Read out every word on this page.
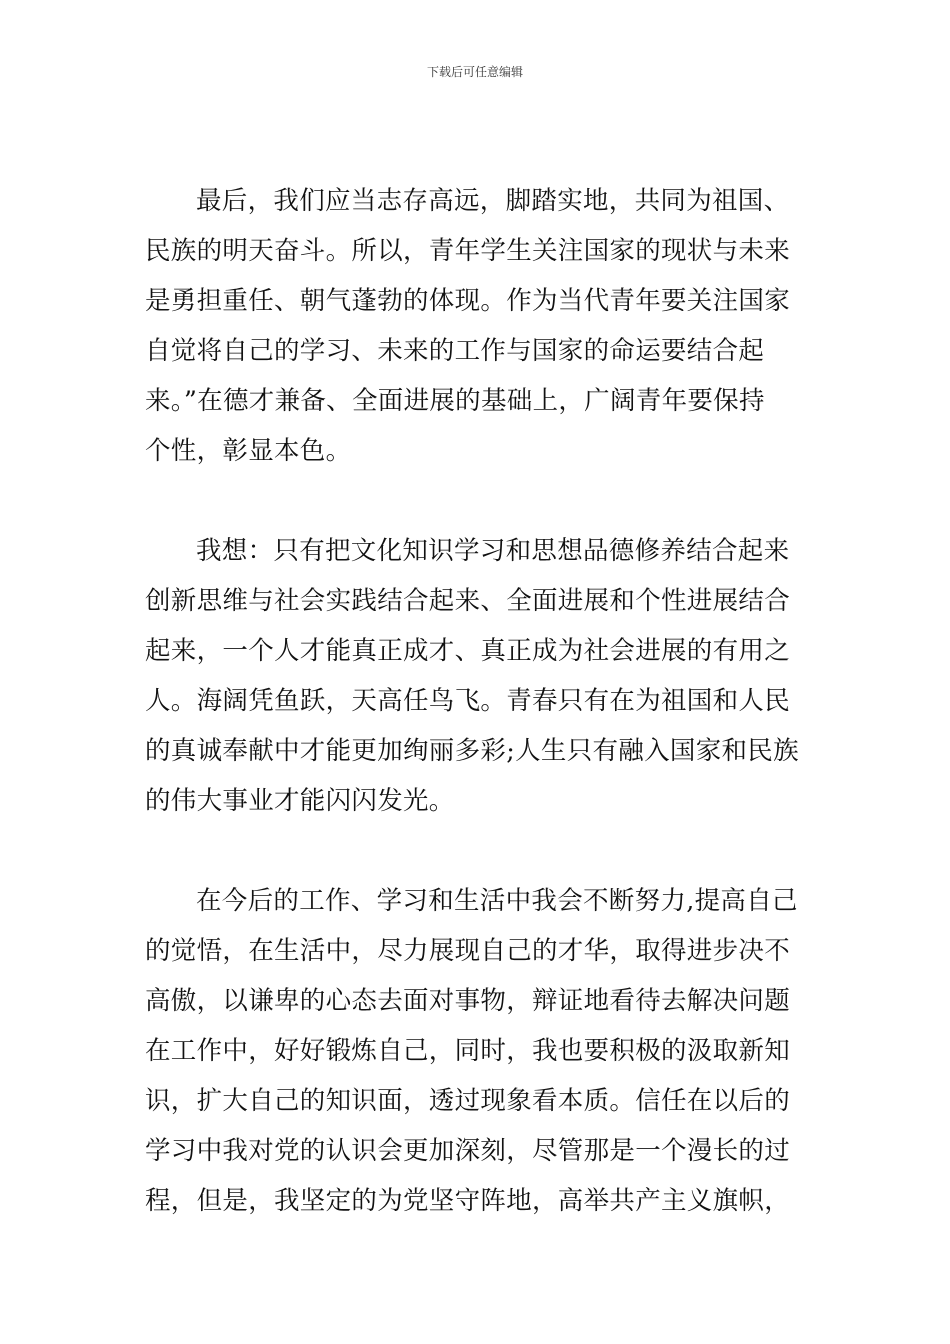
下载后可任意编辑
最后，我们应当志存高远，脚踏实地，共同为祖国、
民族的明天奋斗。所以，青年学生关注国家的现状与未来
是勇担重任、朝气蓬勃的体现。作为当代青年要关注国家
自觉将自己的学习、未来的工作与国家的命运要结合起
来。”在德才兼备、全面进展的基础上，广阔青年要保持
个性，彰显本色。
我想：只有把文化知识学习和思想品德修养结合起来
创新思维与社会实践结合起来、全面进展和个性进展结合
起来，一个人才能真正成才、真正成为社会进展的有用之
人。海阔凭鱼跃，天高任鸟飞。青春只有在为祖国和人民
的真诚奉献中才能更加绚丽多彩;人生只有融入国家和民族
的伟大事业才能闪闪发光。
在今后的工作、学习和生活中我会不断努力,提高自己
的觉悟，在生活中，尽力展现自己的才华，取得进步决不
高傲，以谦卑的心态去面对事物，辩证地看待去解决问题
在工作中，好好锻炼自己，同时，我也要积极的汲取新知
识，扩大自己的知识面，透过现象看本质。信任在以后的
学习中我对党的认识会更加深刻，尽管那是一个漫长的过
程，但是，我坚定的为党坚守阵地，高举共产主义旗帜，
